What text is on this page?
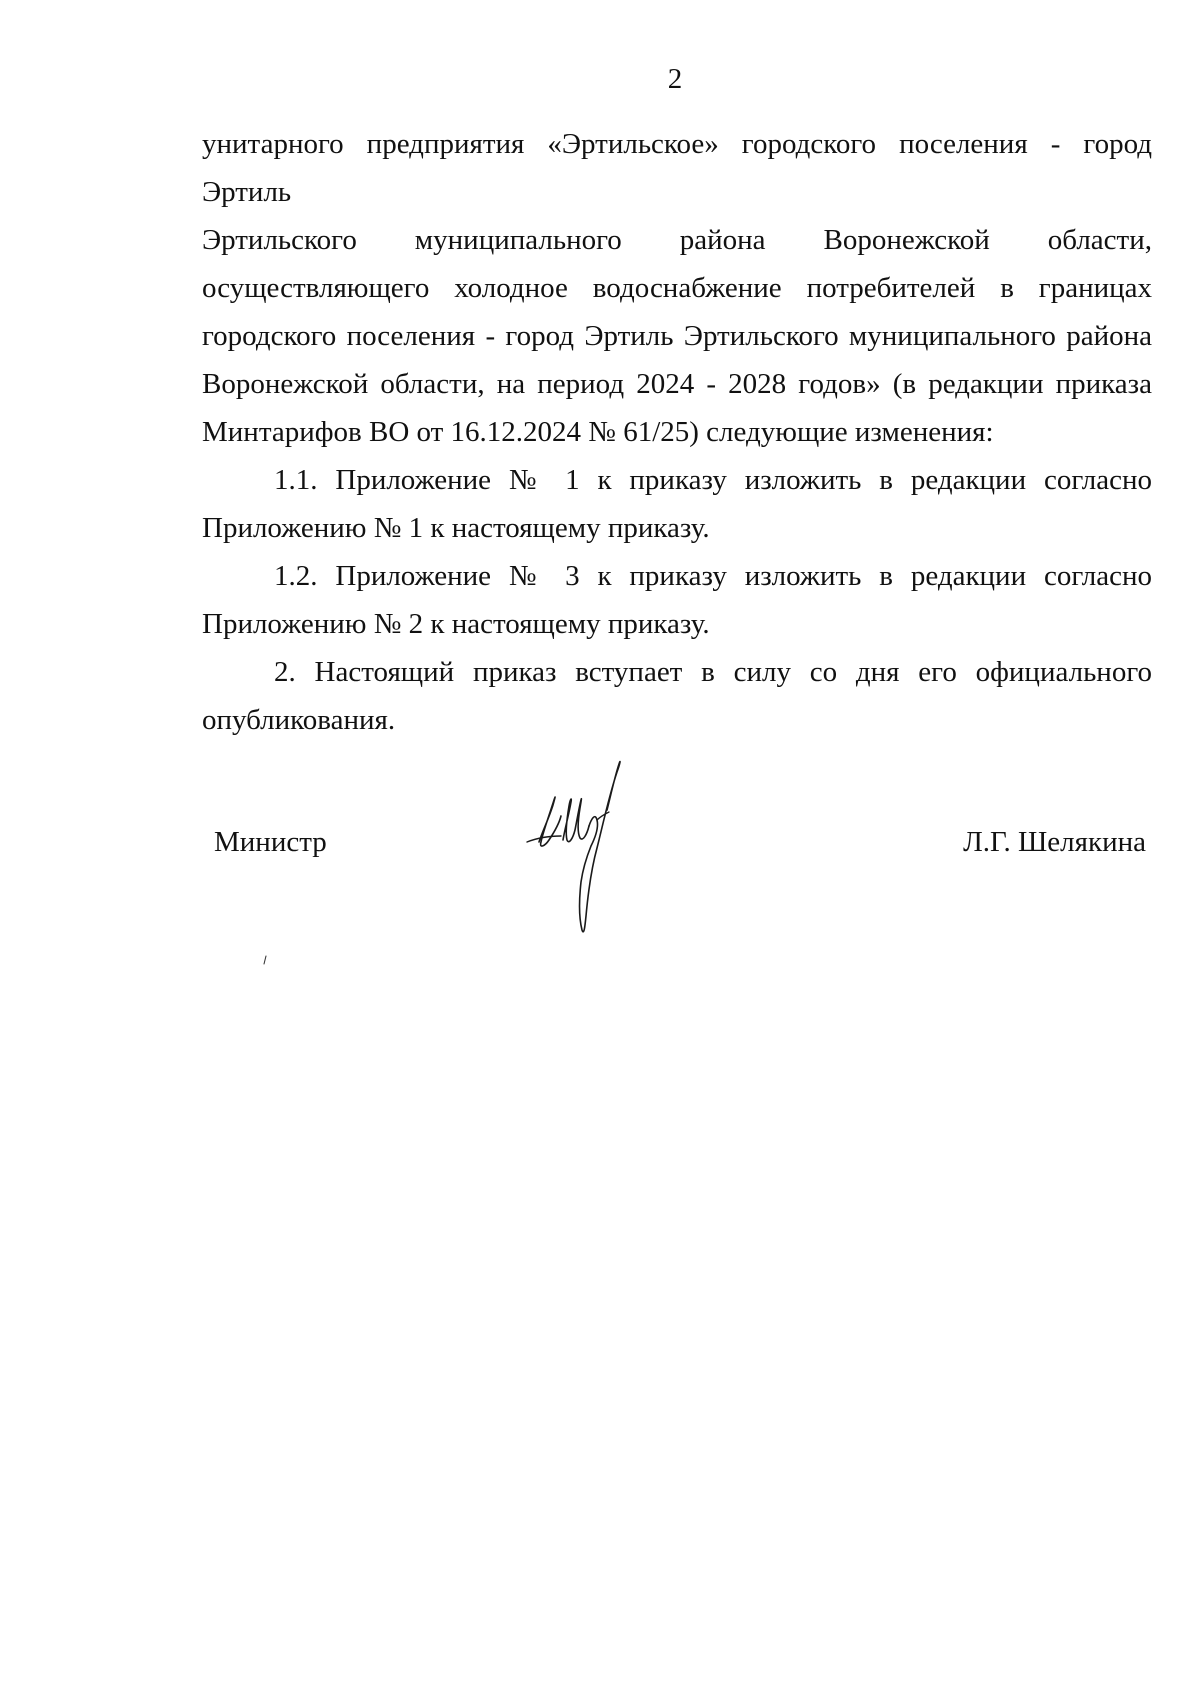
2

унитарного предприятия «Эртильское» городского поселения - город Эртиль
Эртильского муниципального района Воронежской области,
осуществляющего холодное водоснабжение потребителей в границах
городского поселения - город Эртиль Эртильского муниципального района
Воронежской области, на период 2024 - 2028 годов» (в редакции приказа
Минтарифов ВО от 16.12.2024 № 61/25) следующие изменения:

1.1. Приложение № 1 к приказу изложить в редакции согласно Приложению № 1 к настоящему приказу.

1.2. Приложение № 3 к приказу изложить в редакции согласно Приложению № 2 к настоящему приказу.

2. Настоящий приказ вступает в силу со дня его официального опубликования.

Министр	Л.Г. Шелякина
